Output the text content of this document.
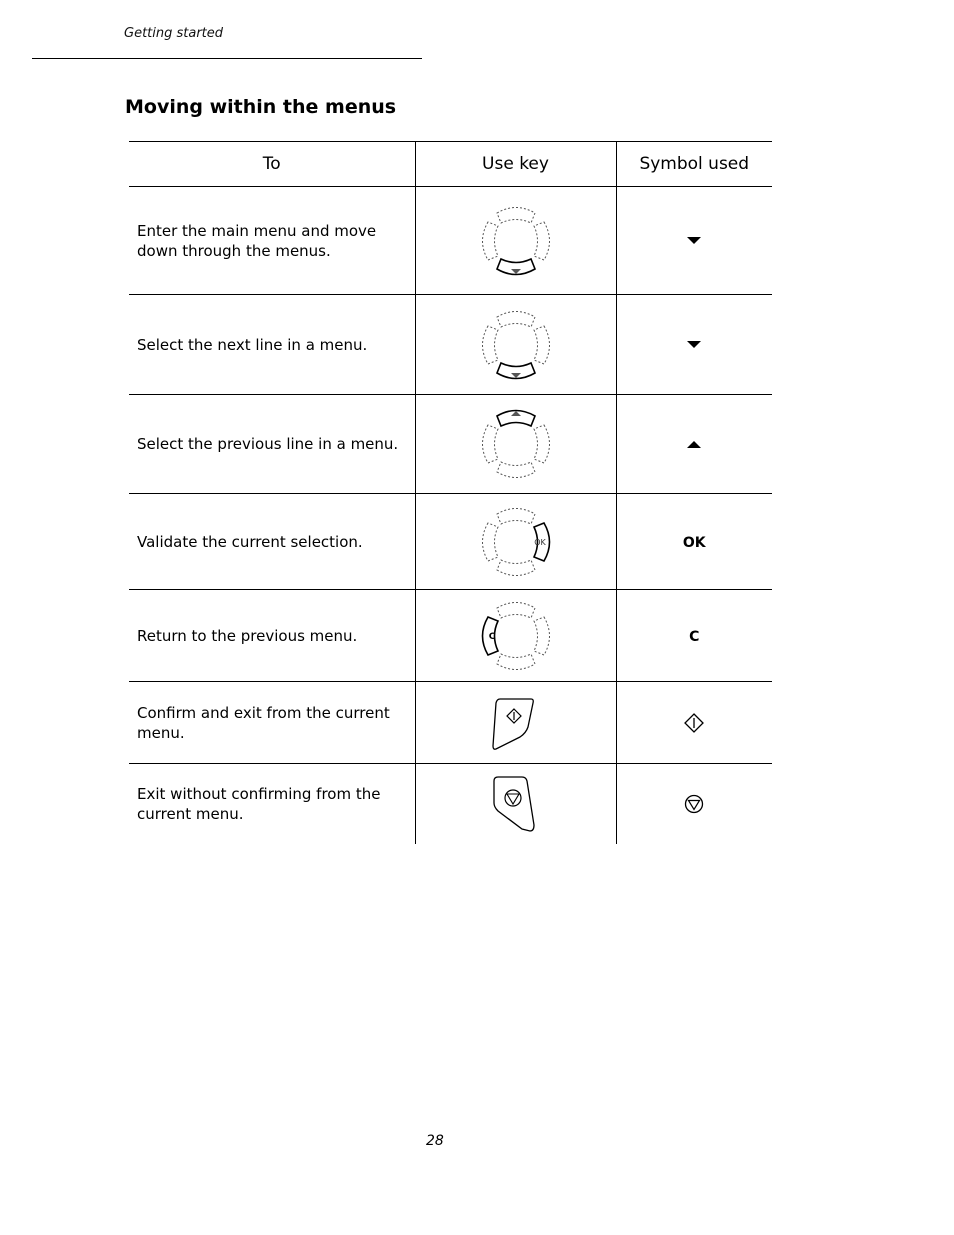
Getting started
Moving within the menus
To	Use key	Symbol used

Enter the main menu and move down through the menus.

Select the next line in a menu.

Select the previous line in a menu.

Validate the current selection.	OK	OK

Return to the previous menu.	C	C

Confirm and exit from the current menu.

Exit without confirming from the current menu.

28
